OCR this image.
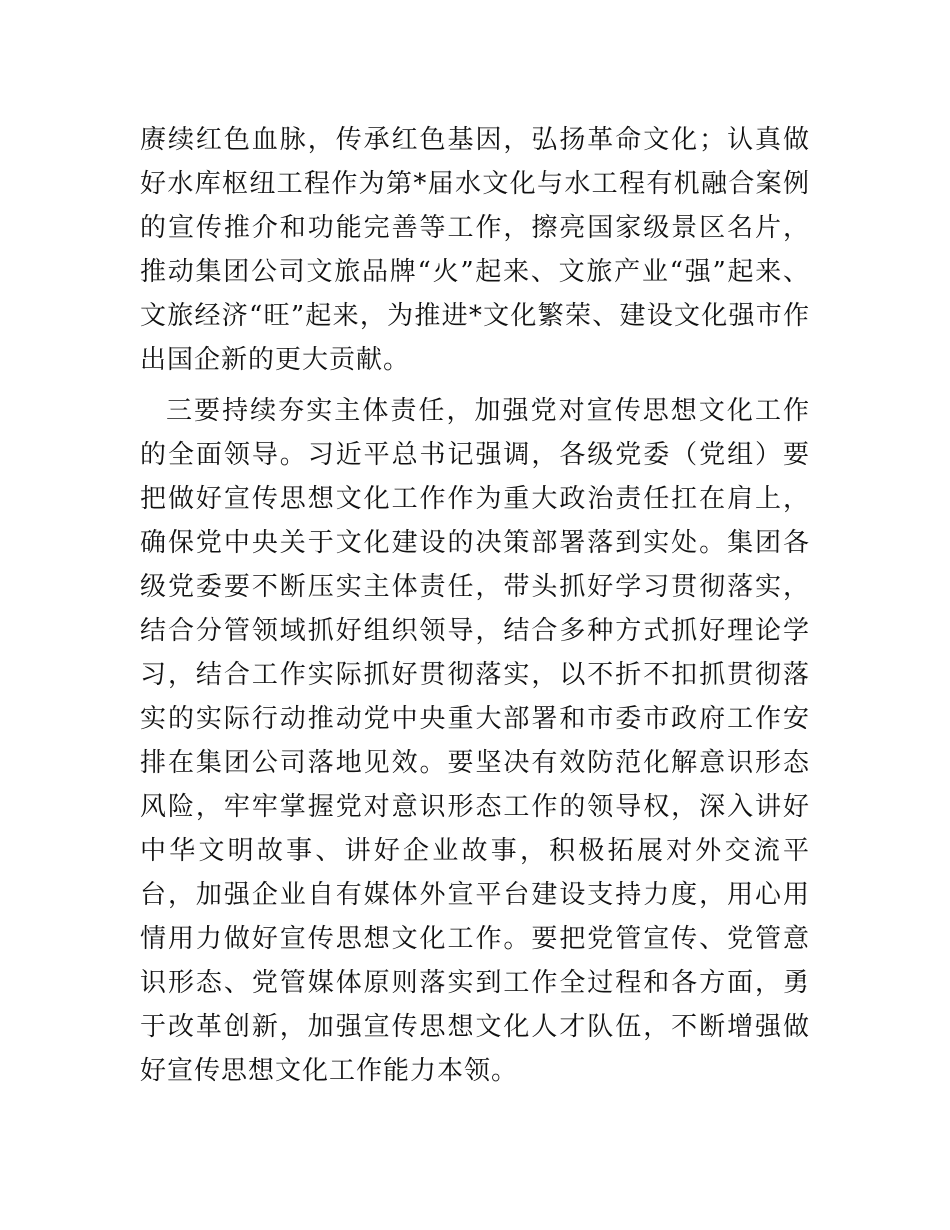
赓续红色血脉，传承红色基因，弘扬革命文化；认真做好水库枢纽工程作为第*届水文化与水工程有机融合案例的宣传推介和功能完善等工作，擦亮国家级景区名片，推动集团公司文旅品牌“火”起来、文旅产业“强”起来、文旅经济“旺”起来，为推进*文化繁荣、建设文化强市作出国企新的更大贡献。

三要持续夯实主体责任，加强党对宣传思想文化工作的全面领导。习近平总书记强调，各级党委（党组）要把做好宣传思想文化工作作为重大政治责任扛在肩上，确保党中央关于文化建设的决策部署落到实处。集团各级党委要不断压实主体责任，带头抓好学习贯彻落实，结合分管领域抓好组织领导，结合多种方式抓好理论学习，结合工作实际抓好贯彻落实，以不折不扣抓贯彻落实的实际行动推动党中央重大部署和市委市政府工作安排在集团公司落地见效。要坚决有效防范化解意识形态风险，牢牢掌握党对意识形态工作的领导权，深入讲好中华文明故事、讲好企业故事，积极拓展对外交流平台，加强企业自有媒体外宣平台建设支持力度，用心用情用力做好宣传思想文化工作。要把党管宣传、党管意识形态、党管媒体原则落实到工作全过程和各方面，勇于改革创新，加强宣传思想文化人才队伍，不断增强做好宣传思想文化工作能力本领。
